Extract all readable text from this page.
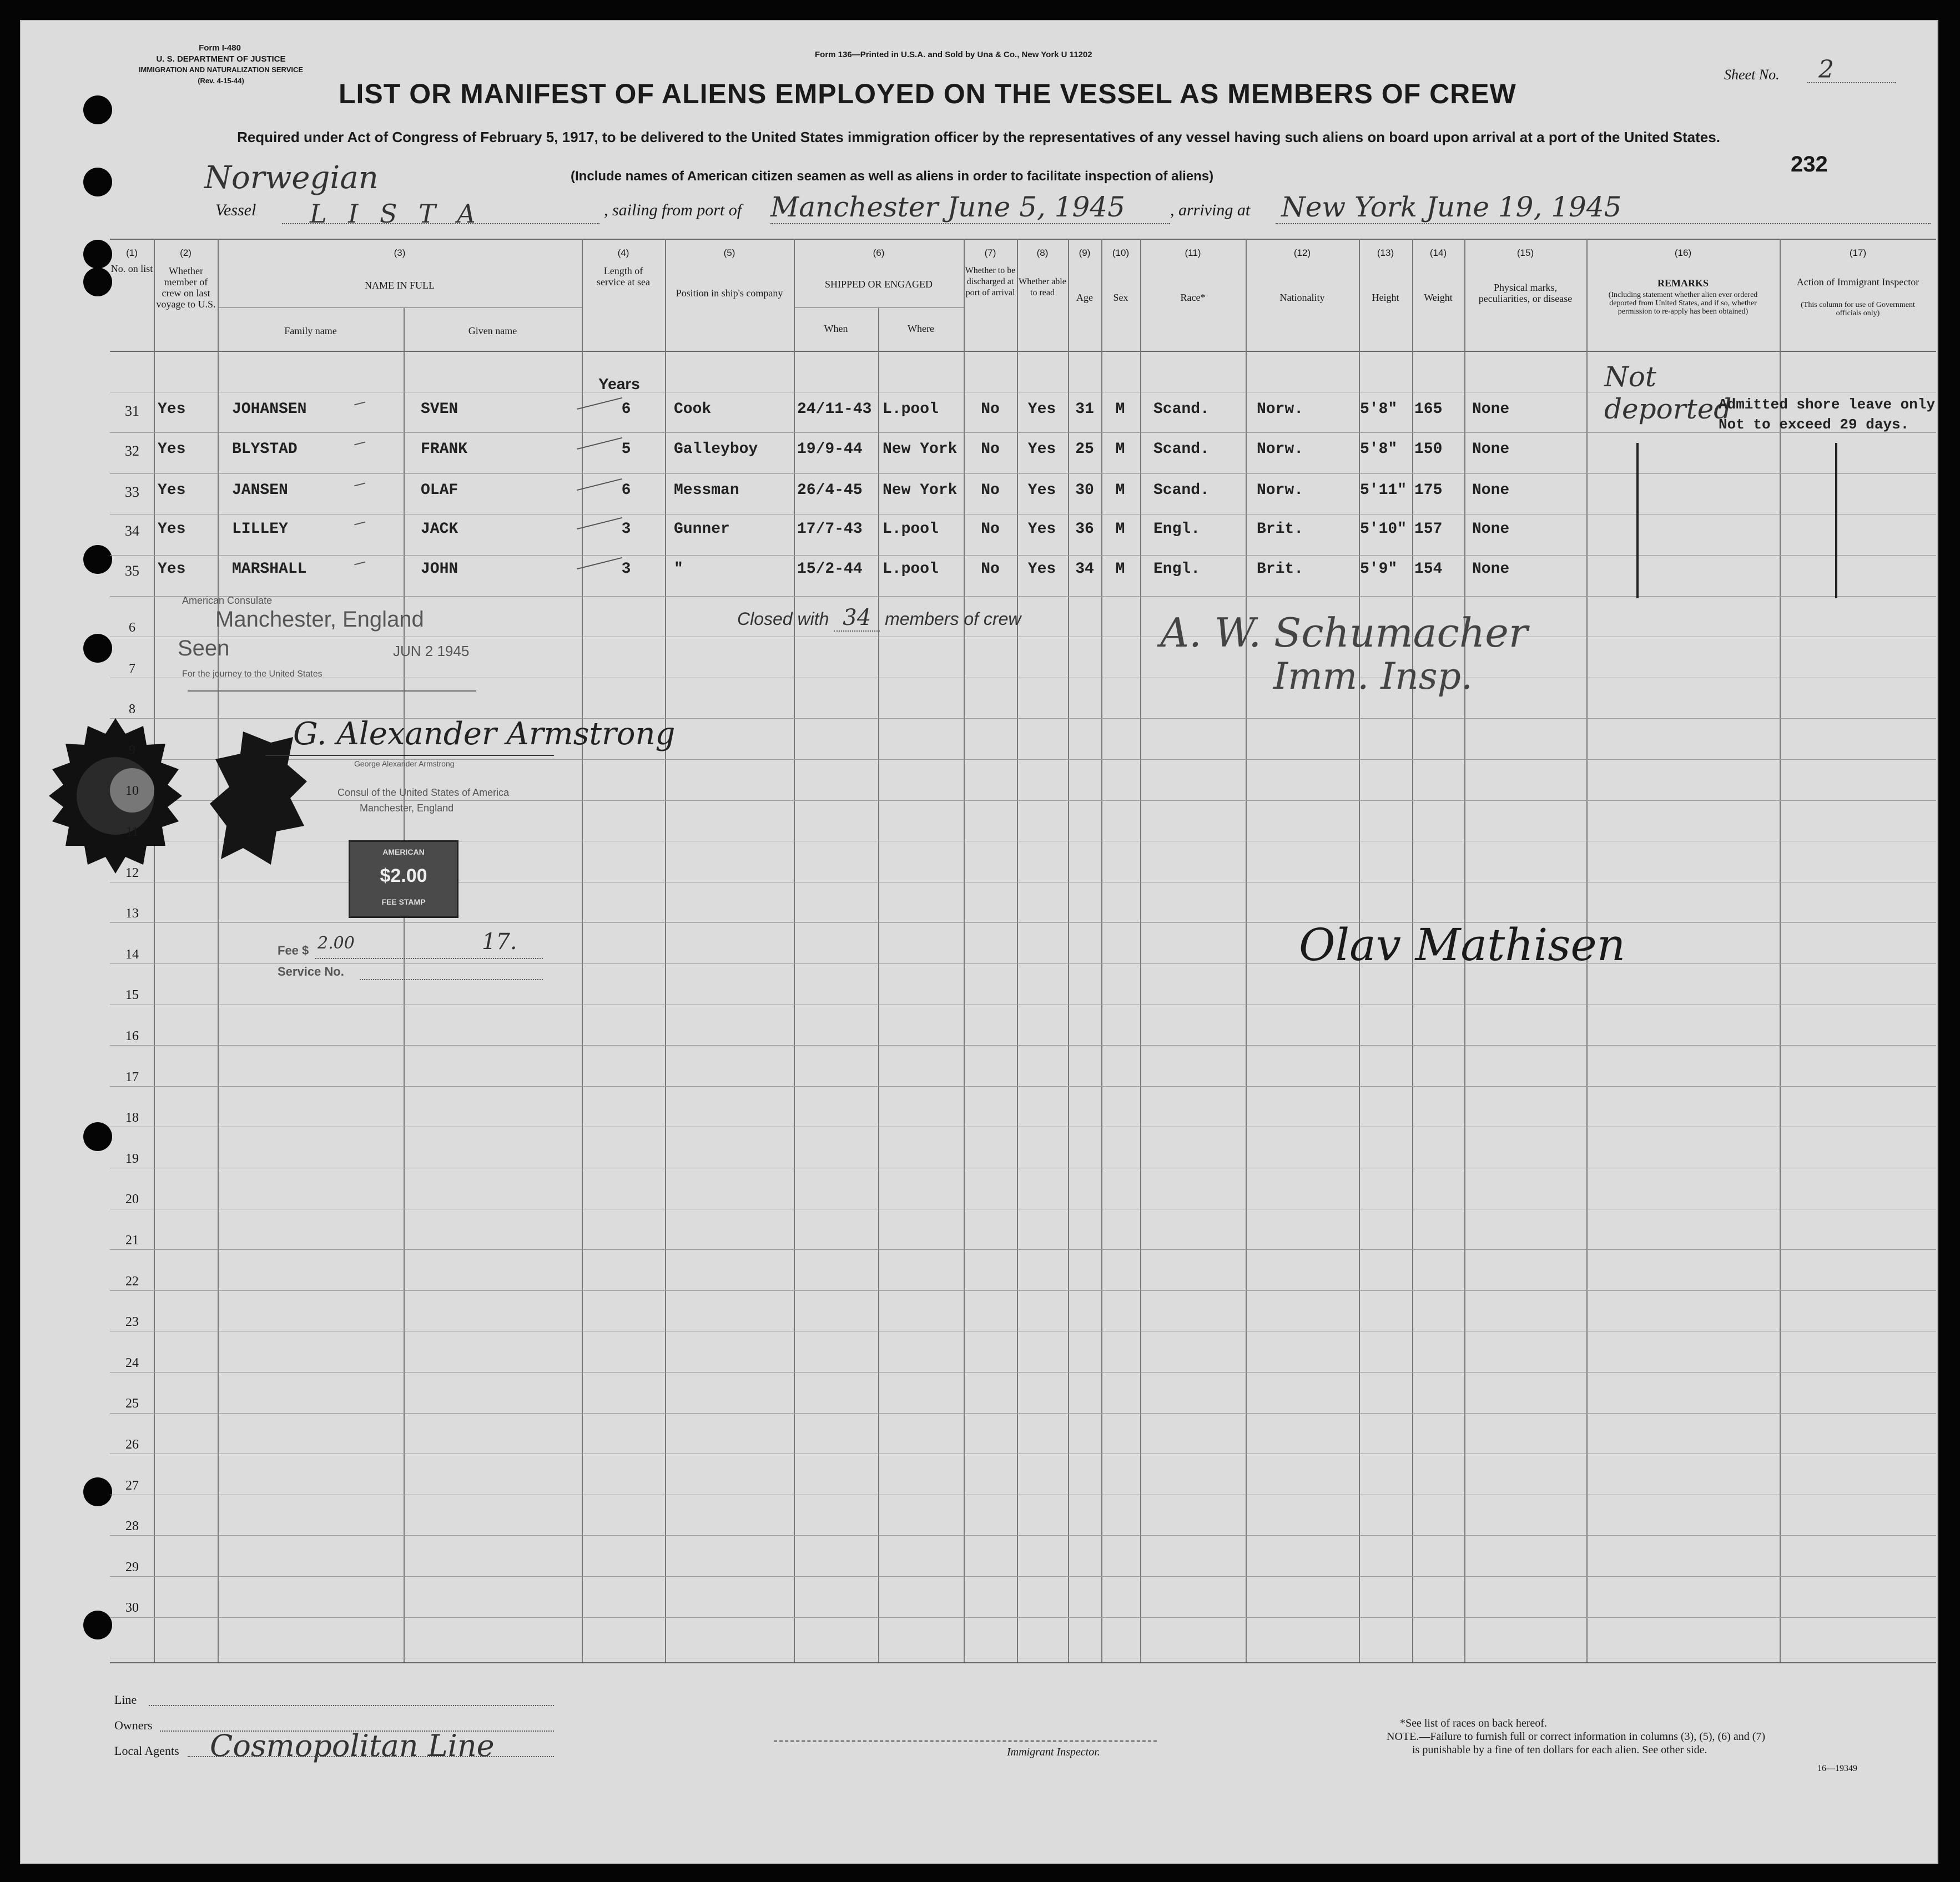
Form I-480
U. S. DEPARTMENT OF JUSTICE
IMMIGRATION AND NATURALIZATION SERVICE
(Rev. 4-15-44)
Form 136—Printed in U.S.A. and Sold by Una & Co., New York U 11202
Sheet No. 2
LIST OR MANIFEST OF ALIENS EMPLOYED ON THE VESSEL AS MEMBERS OF CREW
Required under Act of Congress of February 5, 1917, to be delivered to the United States immigration officer by the representatives of any vessel having such aliens on board upon arrival at a port of the United States.
(Include names of American citizen seamen as well as aliens in order to facilitate inspection of aliens)	232
Norwegian
Vessel L I S T A	, sailing from port of Manchester June 5, 1945	, arriving at New York June 19, 1945
(1)	(2)	(3)	(4)	(5)	(6)	(7)	(8)	(9)	(10)	(11)	(12)	(13)	(14)	(15)	(16)	(17)
No. on list	Whether member of crew on last voyage to U.S.
NAME IN FULL
Family name	Given name
Length of service at sea
Position in ship's company
SHIPPED OR ENGAGED
When	Where
Whether to be discharged at port of arrival
Whether able to read	Age	Sex	Race*	Nationality	Height	Weight
Physical marks, peculiarities, or disease
REMARKS
(Including statement whether alien ever ordered deported from United States, and if so, whether permission to re-apply has been obtained)
Action of Immigrant Inspector
(This column for use of Government officials only)
Years
31	Yes	JOHANSEN	SVEN	6	Cook	24/11-43 L.pool	No	Yes	31	M	Scand.	Norw.	5'8"	165	None
32	Yes	BLYSTAD	FRANK	5	Galleyboy	19/9-44	New York	No	Yes	25	M	Scand.	Norw.	5'8"	150	None
33	Yes	JANSEN	OLAF	6	Messman	26/4-45	New York	No	Yes	30	M	Scand.	Norw.	5'11" 175	None
34	Yes	LILLEY	JACK	3	Gunner	17/7-43	L.pool	No	Yes	36	M	Engl.	Brit.	5'10" 157	None
35	Yes	MARSHALL	JOHN	3	"	15/2-44	L.pool	No	Yes	34	M	Engl.	Brit.	5'9"	154	None
Not deported
Admitted shore leave only
Not to exceed 29 days.
Closed with 34 members of crew	A. W. Schumacher
Imm. Insp.
American Consulate
Manchester, England
Seen	JUN 2 1945
For the journey to the United States
G. Alexander Armstrong
George Alexander Armstrong
Consul of the United States of America
Manchester, England
AMERICAN
$2.00
FEE STAMP
Fee $ 2.00	17.
Service No.
Olav Mathisen
6
7
8
9
10
11
12
13
14
15
16
17
18
19
20
21
22
23
24
25
26
27
28
29
30
Line
Owners
Local Agents Cosmopolitan Line	Immigrant Inspector.
*See list of races on back hereof.
NOTE.—Failure to furnish full or correct information in columns (3), (5), (6) and (7)
is punishable by a fine of ten dollars for each alien. See other side.
16—19349
